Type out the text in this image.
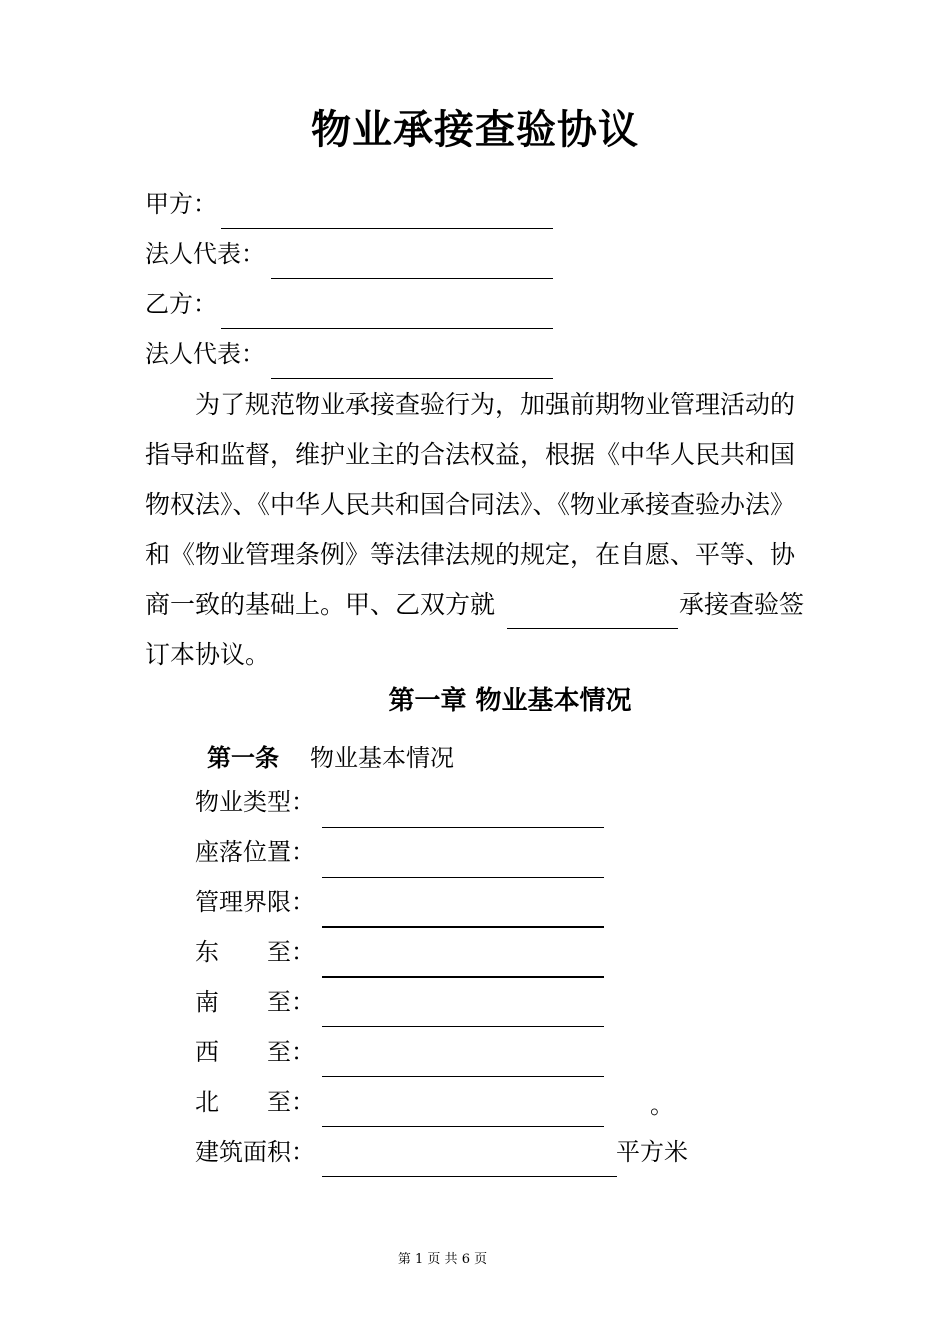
物业承接查验协议
甲方：
法人代表：
乙方：
法人代表：
为了规范物业承接查验行为，加强前期物业管理活动的
指导和监督，维护业主的合法权益，根据《中华人民共和国
物权法》、《中华人民共和国合同法》、《物业承接查验办法》
和《物业管理条例》等法律法规的规定，在自愿、平等、协
商一致的基础上。甲、乙双方就	承接查验签
订本协议。
第一章 物业基本情况
第一条 物业基本情况
物业类型：
座落位置：
管理界限：
东　　至：
南　　至：
西　　至：
北　　至：	。
建筑面积：	平方米
第 1 页 共 6 页
